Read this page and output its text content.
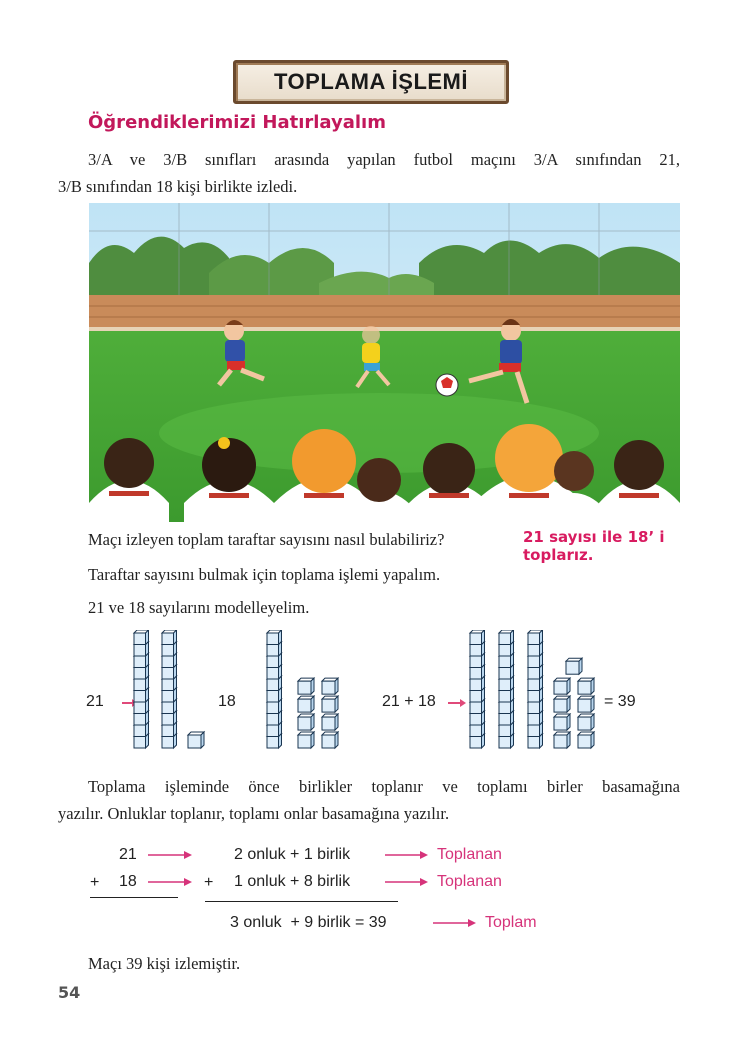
TOPLAMA İŞLEMİ
Öğrendiklerimizi Hatırlayalım
3/A ve 3/B sınıfları arasında yapılan futbol maçını 3/A sınıfından 21,
3/B sınıfından 18 kişi birlikte izledi.
Maçı izleyen toplam taraftar sayısını nasıl bulabiliriz?	21 sayısı ile 18’ i toplarız.
Taraftar sayısını bulmak için toplama işlemi yapalım.
21 ve 18 sayılarını modelleyelim.
21	18	21 + 18	= 39
Toplama işleminde önce birlikler toplanır ve toplamı birler basamağına
yazılır. Onluklar toplanır, toplamı onlar basamağına yazılır.
21	2 onluk + 1 birlik	Toplanan
+ 18	+ 1 onluk + 8 birlik	Toplanan
3 onluk  + 9 birlik = 39	Toplam
Maçı 39 kişi izlemiştir.
54
